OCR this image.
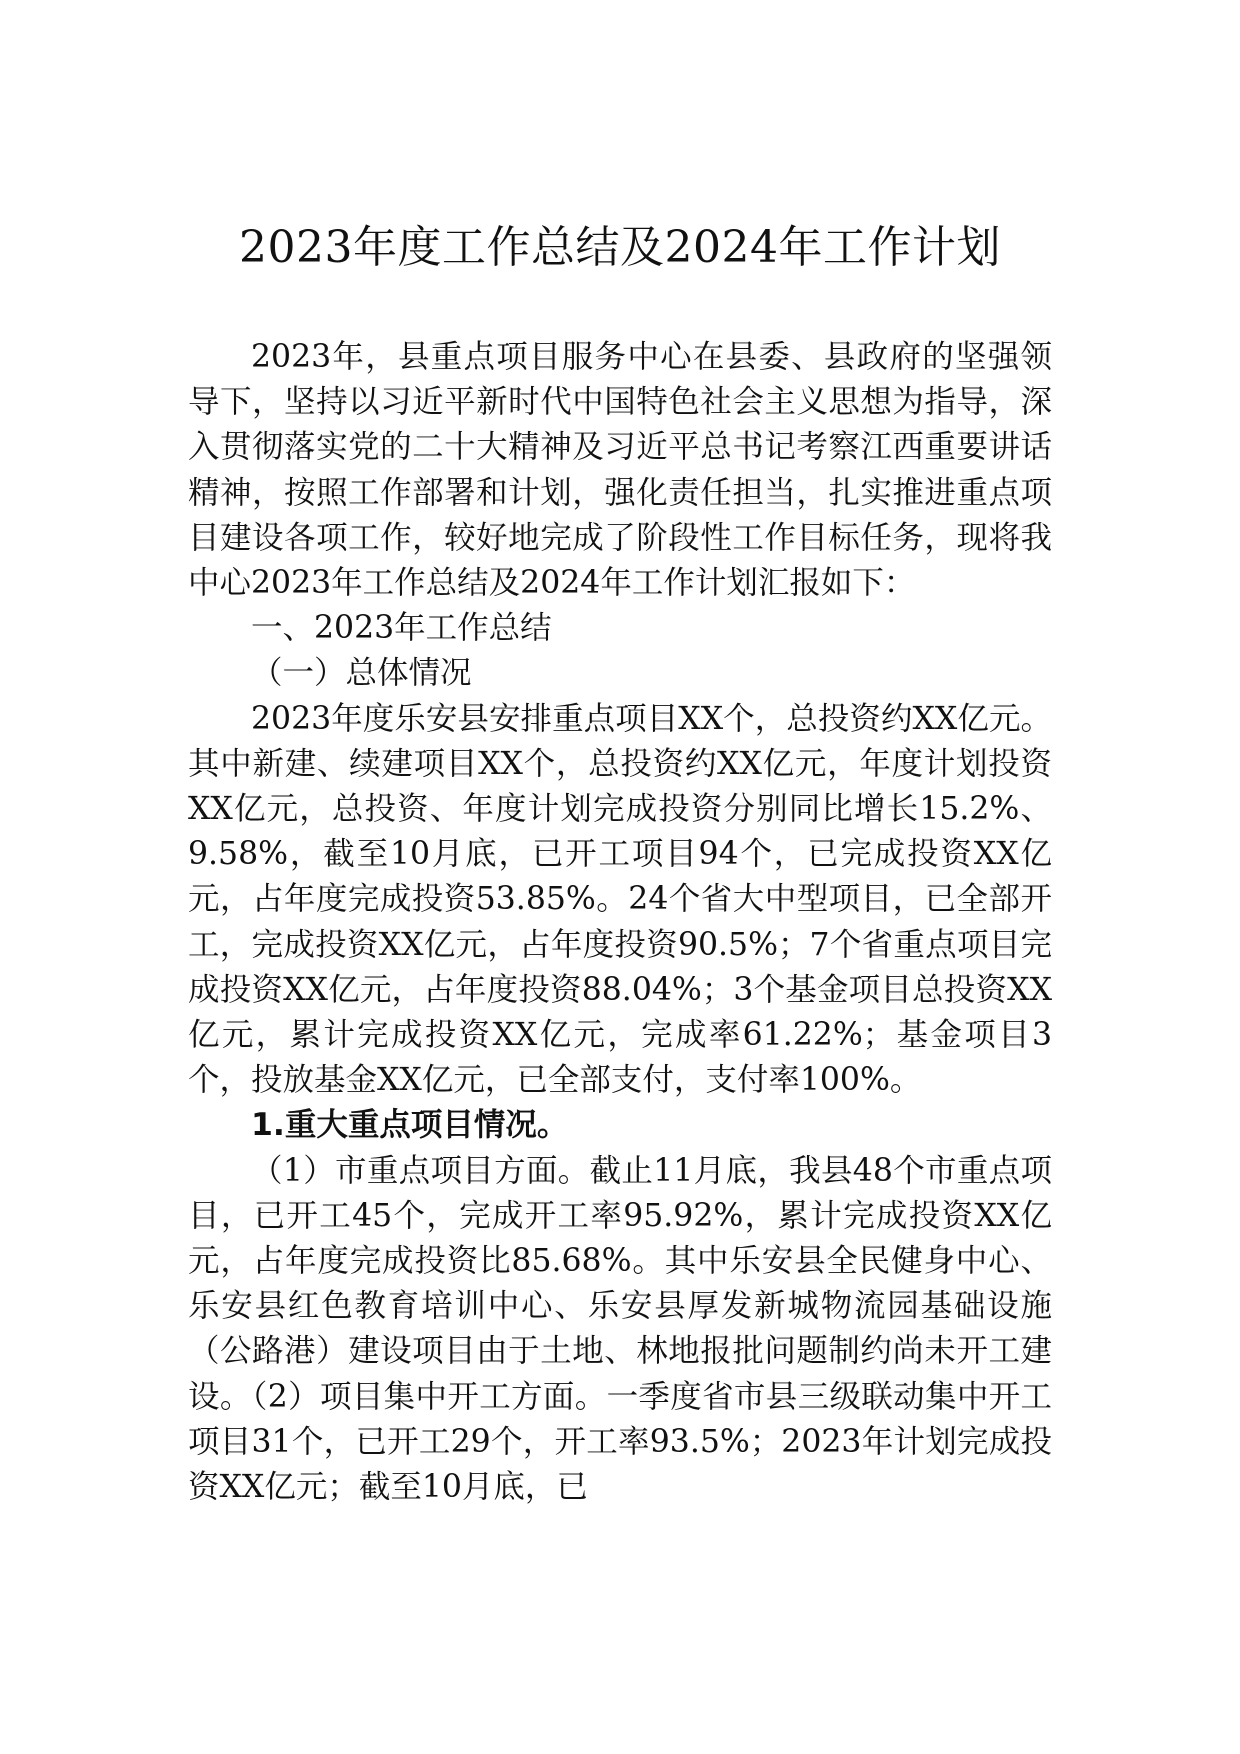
2023年度工作总结及2024年工作计划

2023年，县重点项目服务中心在县委、县政府的坚强领导下，坚持以习近平新时代中国特色社会主义思想为指导，深入贯彻落实党的二十大精神及习近平总书记考察江西重要讲话精神，按照工作部署和计划，强化责任担当，扎实推进重点项目建设各项工作，较好地完成了阶段性工作目标任务，现将我中心2023年工作总结及2024年工作计划汇报如下：

一、2023年工作总结

（一）总体情况

2023年度乐安县安排重点项目XX个，总投资约XX亿元。其中新建、续建项目XX个，总投资约XX亿元，年度计划投资XX亿元，总投资、年度计划完成投资分别同比增长15.2%、9.58%，截至10月底，已开工项目94个，已完成投资XX亿元，占年度完成投资53.85%。24个省大中型项目，已全部开工，完成投资XX亿元，占年度投资90.5%；7个省重点项目完成投资XX亿元，占年度投资88.04%；3个基金项目总投资XX亿元，累计完成投资XX亿元，完成率61.22%；基金项目3个，投放基金XX亿元，已全部支付，支付率100%。

1.重大重点项目情况。

（1）市重点项目方面。截止11月底，我县48个市重点项目，已开工45个，完成开工率95.92%，累计完成投资XX亿元，占年度完成投资比85.68%。其中乐安县全民健身中心、乐安县红色教育培训中心、乐安县厚发新城物流园基础设施（公路港）建设项目由于土地、林地报批问题制约尚未开工建设。（2）项目集中开工方面。一季度省市县三级联动集中开工项目31个，已开工29个，开工率93.5%；2023年计划完成投资XX亿元；截至10月底，已
